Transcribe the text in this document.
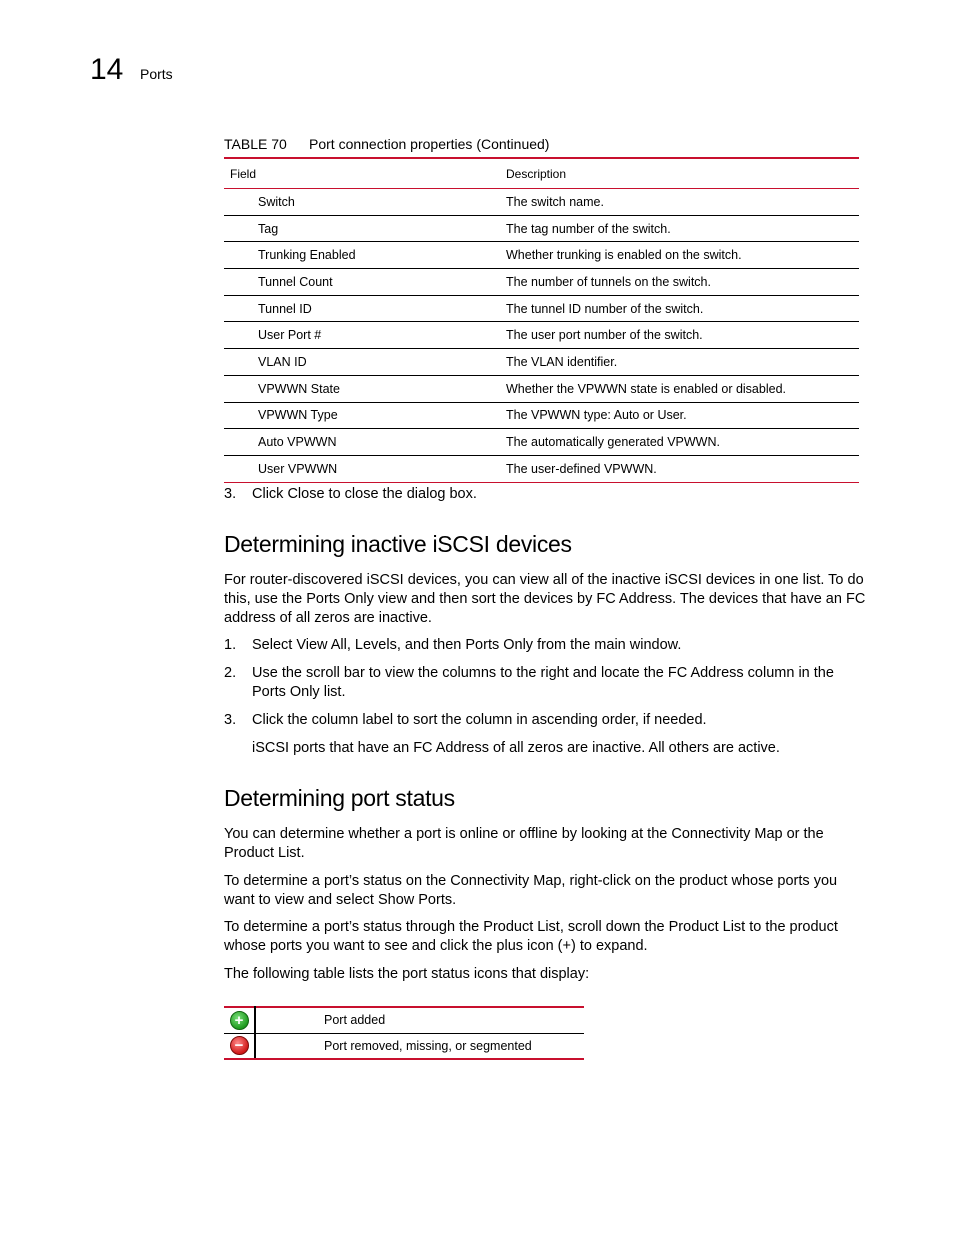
14 Ports
TABLE 70 Port connection properties (Continued)
Field	Description
Switch	The switch name.
Tag	The tag number of the switch.
Trunking Enabled	Whether trunking is enabled on the switch.
Tunnel Count	The number of tunnels on the switch.
Tunnel ID	The tunnel ID number of the switch.
User Port #	The user port number of the switch.
VLAN ID	The VLAN identifier.
VPWWN State	Whether the VPWWN state is enabled or disabled.
VPWWN Type	The VPWWN type: Auto or User.
Auto VPWWN	The automatically generated VPWWN.
User VPWWN	The user-defined VPWWN.
3. Click Close to close the dialog box.
Determining inactive iSCSI devices
For router-discovered iSCSI devices, you can view all of the inactive iSCSI devices in one list. To do this, use the Ports Only view and then sort the devices by FC Address. The devices that have an FC address of all zeros are inactive.
1. Select View All, Levels, and then Ports Only from the main window.
2. Use the scroll bar to view the columns to the right and locate the FC Address column in the Ports Only list.
3. Click the column label to sort the column in ascending order, if needed.
iSCSI ports that have an FC Address of all zeros are inactive. All others are active.
Determining port status
You can determine whether a port is online or offline by looking at the Connectivity Map or the Product List.
To determine a port’s status on the Connectivity Map, right-click on the product whose ports you want to view and select Show Ports.
To determine a port’s status through the Product List, scroll down the Product List to the product whose ports you want to see and click the plus icon (+) to expand.
The following table lists the port status icons that display:
+	Port added
−	Port removed, missing, or segmented
